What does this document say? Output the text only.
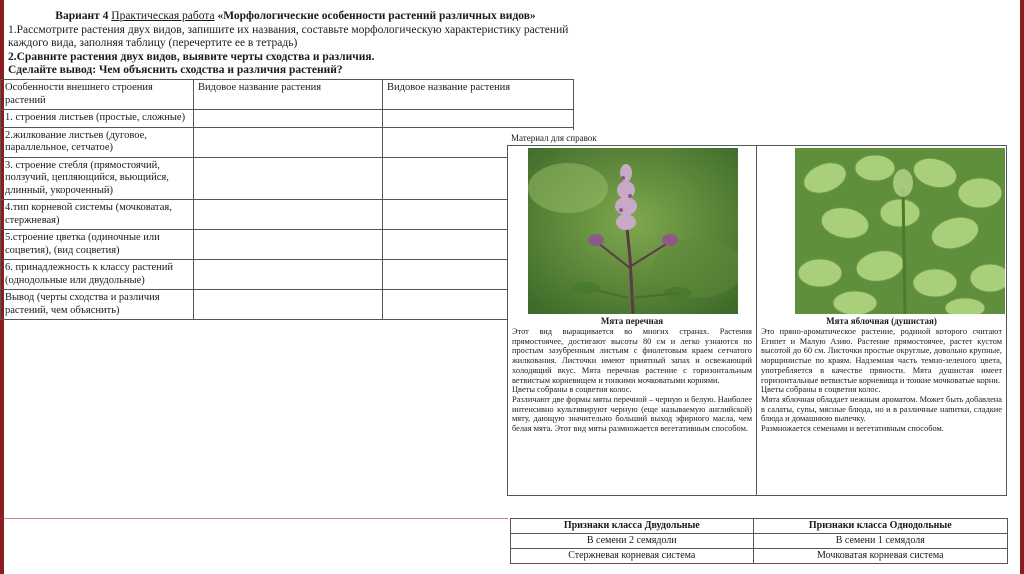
Вариант 4 Практическая работа «Морфологические особенности растений различных видов»

1.Рассмотрите растения двух видов, запишите их названия, составьте морфологическую характеристику растений каждого вида, заполняя таблицу (перечертите ее в тетрадь)

2.Сравните растения двух видов, выявите черты сходства и различия.

Сделайте вывод: Чем объяснить сходства и различия растений?

Особенности внешнего строения растений	Видовое название растения	Видовое название растения
1. строения листьев (простые, сложные)		
2.жилкование листьев (дуговое, параллельное, сетчатое)		
3. строение стебля (прямостоячий, ползучий, цепляющийся, вьющийся, длинный, укороченный)		
4.тип корневой системы (мочковатая, стержневая)		
5.строение цветка (одиночные или соцветия), (вид соцветия)		
6. принадлежность к классу растений (однодольные или двудольные)		
Вывод (черты сходства и различия растений, чем объяснить)		
Материал для справок
Мята перечная

Этот вид выращивается во многих странах. Растения прямостоячее, достигают высоты 80 см и легко узнаются по простым зазубренным листьям с фиолетовым краем сетчатого жилкования. Листочки имеют приятный запах и освежающий холодящий вкус. Мята перечная растение с горизонтальным ветвистым корневищем и тонкими мочковатыми корнями.

Цветы собраны в соцветия колос.

Различают две формы мяты перечной – черную и белую. Наиболее интенсивно культивируют черную (еще называемую английской) мяту, дающую значительно больший выход эфирного масла, чем белая мята. Этот вид мяты размножается вегетативным способом.

Мята яблочная (душистая)

Это пряно-ароматическое растение, родиной которого считают Египет и Малую Азию. Растение прямостоячее, растет кустом высотой до 60 см. Листочки простые округлые, довольно крупные, морщинистые по краям. Надземная часть темно-зеленого цвета, употребляется в качестве пряности. Мята душистая имеет горизонтальные ветвистые корневища и тонкие мочковатые корни.

Цветы собраны в соцветия колос.

Мята яблочная обладает нежным ароматом. Может быть добавлена в салаты, супы, мясные блюда, но и в различные напитки, сладкие блюда и домашнюю выпечку.

Размножается семенами и вегетативным способом.

Признаки класса Двудольные	Признаки класса Однодольные
В семени 2 семядоли	В семени 1 семядоля
Стержневая корневая система	Мочковатая корневая система
